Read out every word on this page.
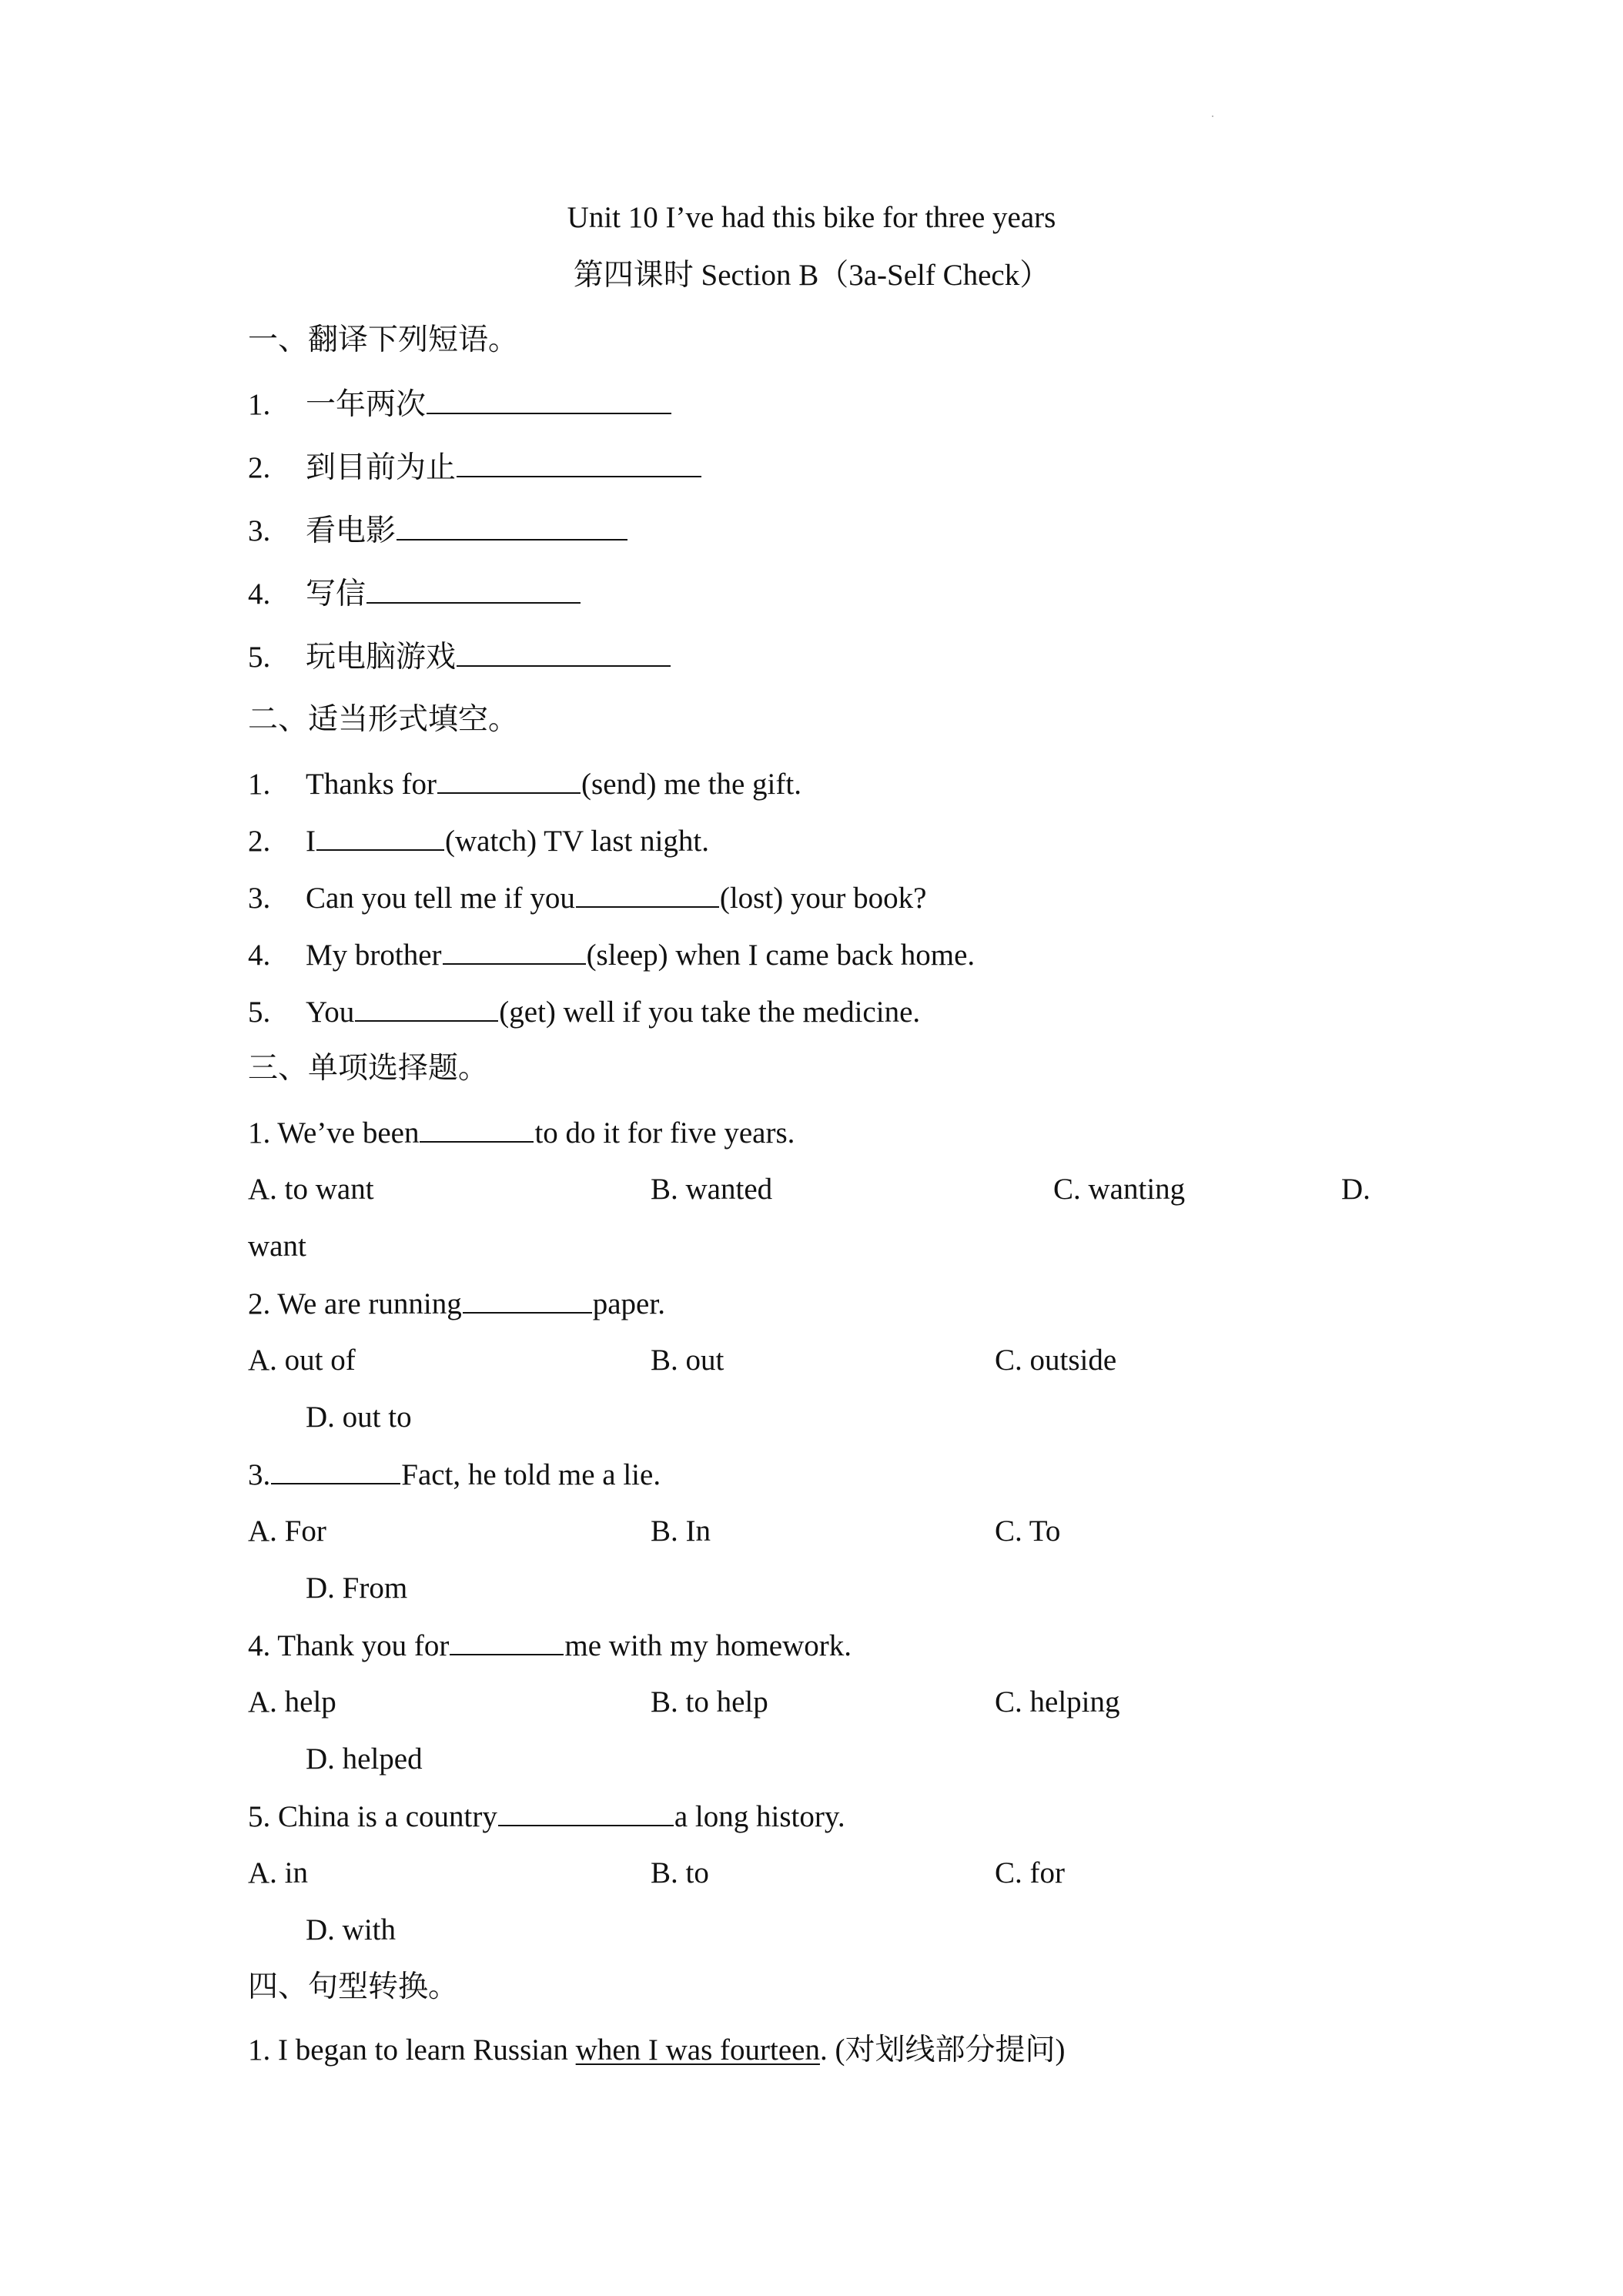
Unit 10 I’ve had this bike for three years
第四课时 Section B（3a-Self Check）
一、翻译下列短语。
1. 一年两次
2. 到目前为止
3. 看电影
4. 写信
5. 玩电脑游戏
二、适当形式填空。
1. Thanks for	(send) me the gift.
2. I	(watch) TV last night.
3. Can you tell me if you	(lost) your book?
4. My brother	(sleep) when I came back home.
5. You	(get) well if you take the medicine.
三、单项选择题。
1. We’ve been	to do it for five years.
A. to want	B. wanted	C. wanting	D.
want
2. We are running	paper.
A. out of	B. out	C. outside
D. out to
3.	Fact, he told me a lie.
A. For	B. In	C. To
D. From
4. Thank you for	me with my homework.
A. help	B. to help	C. helping
D. helped
5. China is a country	a long history.
A. in	B. to	C. for
D. with
四、句型转换。
1. I began to learn Russian when I was fourteen. (对划线部分提问)
